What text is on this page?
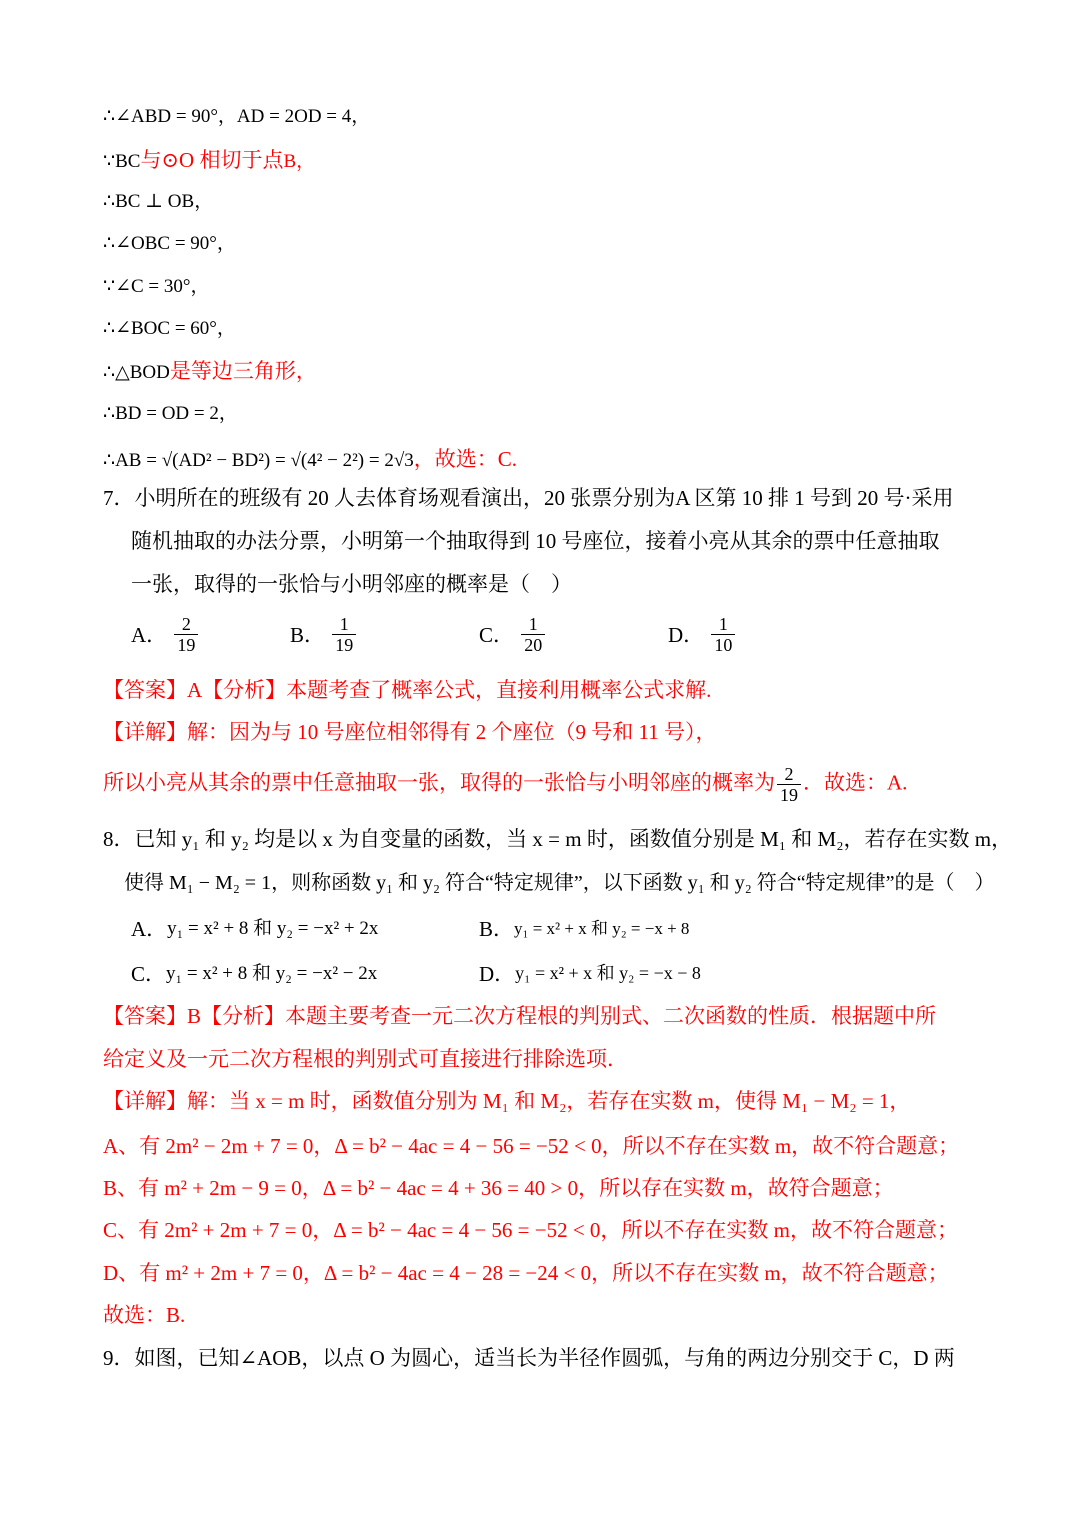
∴∠ABD = 90°，AD = 2OD = 4，
∵BC与⊙O 相切于点B，
∴BC ⊥ OB，
∴∠OBC = 90°，
∵∠C = 30°，
∴∠BOC = 60°，
∴△BOD是等边三角形，
∴BD = OD = 2，
∴AB = √(AD² − BD²) = √(4² − 2²) = 2√3，故选：C.
7．小明所在的班级有 20 人去体育场观看演出，20 张票分别为A 区第 10 排 1 号到 20 号·采用
随机抽取的办法分票，小明第一个抽取得到 10 号座位，接着小亮从其余的票中任意抽取
一张，取得的一张恰与小明邻座的概率是（　）
A． $\frac{2}{19}$	B． $\frac{1}{19}$	C． $\frac{1}{20}$	D． $\frac{1}{10}$
【答案】A【分析】本题考查了概率公式，直接利用概率公式求解.
【详解】解：因为与 10 号座位相邻得有 2 个座位（9 号和 11 号），
所以小亮从其余的票中任意抽取一张，取得的一张恰与小明邻座的概率为 $\frac{2}{19}$ ．故选：A.
8．已知 y₁ 和 y₂ 均是以 x 为自变量的函数，当 x = m 时，函数值分别是 M₁ 和 M₂，若存在实数 m，
使得 M₁ − M₂ = 1，则称函数 y₁ 和 y₂ 符合“特定规律”，以下函数 y₁ 和 y₂ 符合“特定规律”的是（　）
A．y₁ = x² + 8 和 y₂ = −x² + 2x	B．y₁ = x² + x 和 y₂ = −x + 8
C．y₁ = x² + 8 和 y₂ = −x² − 2x	D．y₁ = x² + x 和 y₂ = −x − 8
【答案】B【分析】本题主要考查一元二次方程根的判别式、二次函数的性质．根据题中所
给定义及一元二次方程根的判别式可直接进行排除选项．
【详解】解：当 x = m 时，函数值分别为 M₁ 和 M₂，若存在实数 m，使得 M₁ − M₂ = 1，
A、有 2m² − 2m + 7 = 0，Δ = b² − 4ac = 4 − 56 = −52 < 0，所以不存在实数 m，故不符合题意；
B、有 m² + 2m − 9 = 0，Δ = b² − 4ac = 4 + 36 = 40 > 0，所以存在实数 m，故符合题意；
C、有 2m² + 2m + 7 = 0，Δ = b² − 4ac = 4 − 56 = −52 < 0，所以不存在实数 m，故不符合题意；
D、有 m² + 2m + 7 = 0，Δ = b² − 4ac = 4 − 28 = −24 < 0，所以不存在实数 m，故不符合题意；
故选：B.
9．如图，已知∠AOB，以点 O 为圆心，适当长为半径作圆弧，与角的两边分别交于 C，D 两
